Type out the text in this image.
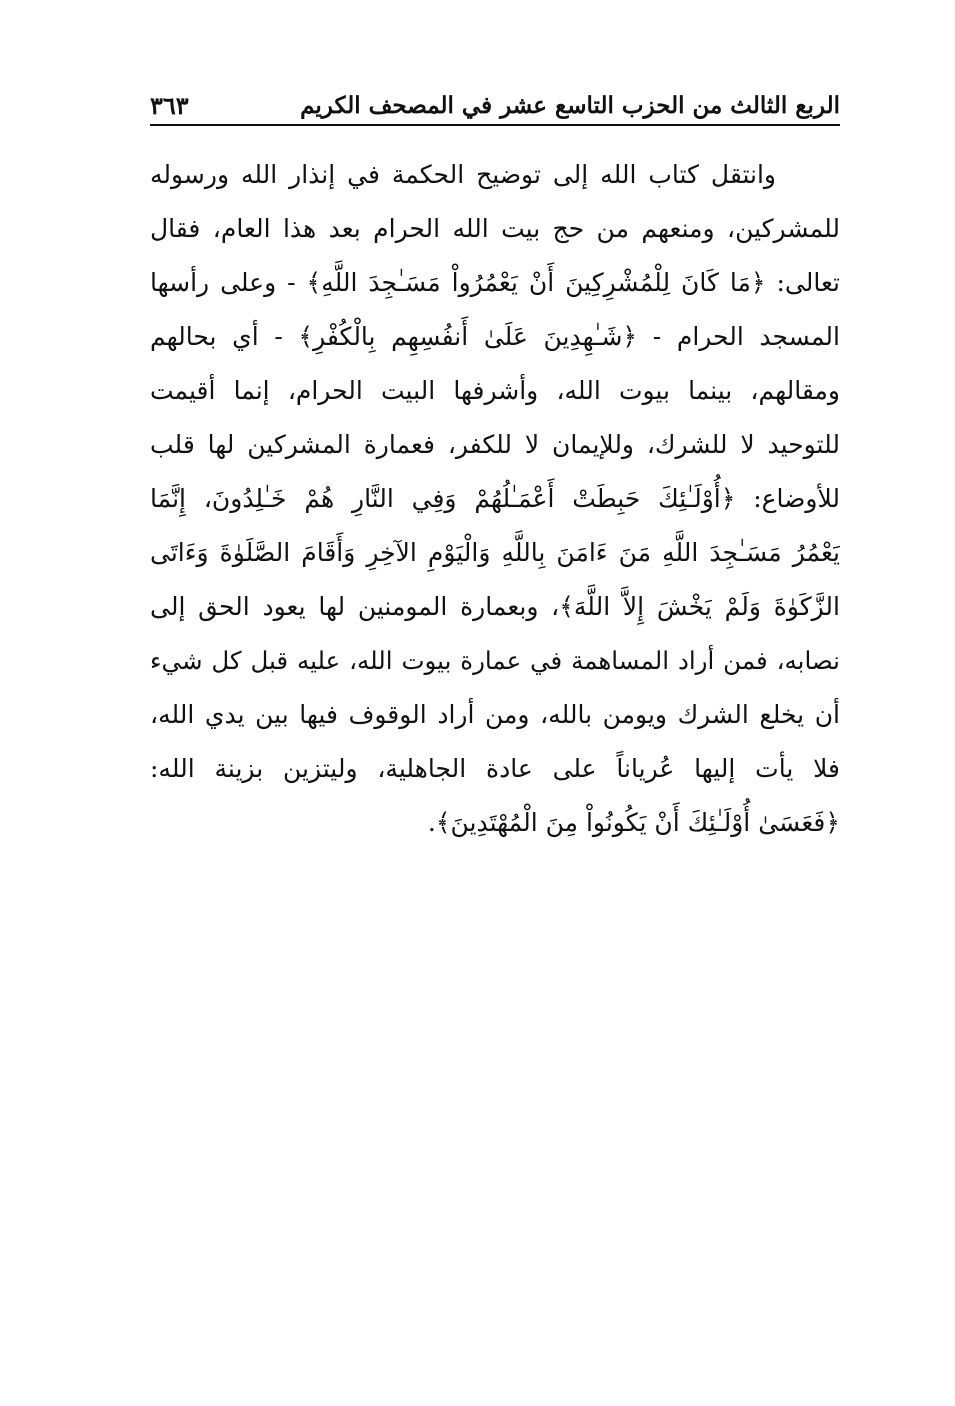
الربع الثالث من الحزب التاسع عشر في المصحف الكريم
٣٦٣
وانتقل كتاب الله إلى توضيح الحكمة في إنذار الله ورسوله
للمشركين، ومنعهم من حج بيت الله الحرام بعد هذا العام، فقال
تعالى: ﴿مَا كَانَ لِلْمُشْرِكِينَ أَنْ يَعْمُرُواْ مَسَـٰجِدَ اللَّهِ﴾ - وعلى رأسها
المسجد الحرام - ﴿شَـٰهِدِينَ عَلَىٰ أَنفُسِهِم بِالْكُفْرِ﴾ - أي بحالهم
ومقالهم، بينما بيوت الله، وأشرفها البيت الحرام، إنما أقيمت
للتوحيد لا للشرك، وللإيمان لا للكفر، فعمارة المشركين لها قلب
للأوضاع: ﴿أُوْلَـٰئِكَ حَبِطَتْ أَعْمَـٰلُهُمْ وَفِي النَّارِ هُمْ خَـٰلِدُونَ، إِنَّمَا
يَعْمُرُ مَسَـٰجِدَ اللَّهِ مَنَ ءَامَنَ بِاللَّهِ وَالْيَوْمِ الآخِرِ وَأَقَامَ الصَّلَوٰةَ وَءَاتَى
الزَّكَوٰةَ وَلَمْ يَخْشَ إِلاَّ اللَّهَ﴾، وبعمارة المومنين لها يعود الحق إلى
نصابه، فمن أراد المساهمة في عمارة بيوت الله، عليه قبل كل شيء
أن يخلع الشرك ويومن بالله، ومن أراد الوقوف فيها بين يدي الله،
فلا يأت إليها عُرياناً على عادة الجاهلية، وليتزين بزينة الله:
﴿فَعَسَىٰ أُوْلَـٰئِكَ أَنْ يَكُونُواْ مِنَ الْمُهْتَدِينَ﴾.
